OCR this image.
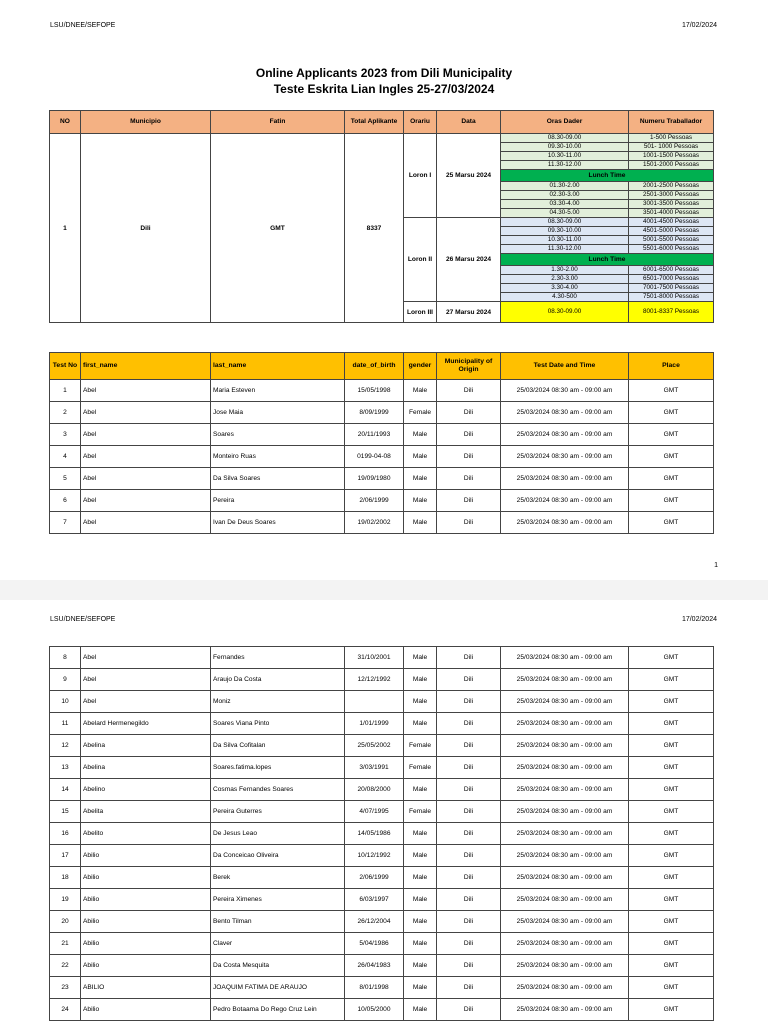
LSU/DNEE/SEFOPE	17/02/2024
Online Applicants 2023 from Dili Municipality
Teste Eskrita Lian Ingles 25-27/03/2024
NO	Municipio	Fatin	Total Aplikante	Orariu	Data	Oras Dader	Numeru Traballador
1	Dili	GMT	8337	Loron I	25 Marsu 2024	08.30-09.00	1-500 Pessoas
						09.30-10.00	501- 1000 Pessoas
						10.30-11.00	1001-1500 Pessoas
						11.30-12.00	1501-2000 Pessoas
						Lunch Time	
						01.30-2.00	2001-2500 Pessoas
						02.30-3.00	2501-3000 Pessoas
						03.30-4.00	3001-3500 Pessoas
						04.30-5.00	3501-4000 Pessoas
				Loron II	26 Marsu 2024	08.30-09.00	4001-4500 Pessoas
						09.30-10.00	4501-5000 Pessoas
						10.30-11.00	5001-5500 Pessoas
						11.30-12.00	5501-6000 Pessoas
						Lunch Time	
						1.30-2.00	6001-6500 Pessoas
						2.30-3.00	6501-7000 Pessoas
						3.30-4.00	7001-7500 Pessoas
						4.30-500	7501-8000 Pessoas
				Loron III	27 Marsu 2024	08.30-09.00	8001-8337 Pessoas
Test No	first_name	last_name	date_of_birth	gender	Municipality of Origin	Test Date and Time	Place
1	Abel	Maria Esteven	15/05/1998	Male	Dili	25/03/2024 08:30 am - 09:00 am	GMT
2	Abel	Jose Maia	8/09/1999	Female	Dili	25/03/2024 08:30 am - 09:00 am	GMT
3	Abel	Soares	20/11/1993	Male	Dili	25/03/2024 08:30 am - 09:00 am	GMT
4	Abel	Monteiro Ruas	0199-04-08	Male	Dili	25/03/2024 08:30 am - 09:00 am	GMT
5	Abel	Da Silva Soares	19/09/1980	Male	Dili	25/03/2024 08:30 am - 09:00 am	GMT
6	Abel	Pereira	2/06/1999	Male	Dili	25/03/2024 08:30 am - 09:00 am	GMT
7	Abel	Ivan De Deus Soares	19/02/2002	Male	Dili	25/03/2024 08:30 am - 09:00 am	GMT
1
LSU/DNEE/SEFOPE	17/02/2024
8	Abel	Fernandes	31/10/2001	Male	Dili	25/03/2024 08:30 am - 09:00 am	GMT
9	Abel	Araujo Da Costa	12/12/1992	Male	Dili	25/03/2024 08:30 am - 09:00 am	GMT
10	Abel	Moniz		Male	Dili	25/03/2024 08:30 am - 09:00 am	GMT
11	Abelard Hermenegildo	Soares Viana Pinto	1/01/1999	Male	Dili	25/03/2024 08:30 am - 09:00 am	GMT
12	Abelina	Da Silva Cofitalan	25/05/2002	Female	Dili	25/03/2024 08:30 am - 09:00 am	GMT
13	Abelina	Soares.fatima.lopes	3/03/1991	Female	Dili	25/03/2024 08:30 am - 09:00 am	GMT
14	Abelino	Cosmas Fernandes Soares	20/08/2000	Male	Dili	25/03/2024 08:30 am - 09:00 am	GMT
15	Abelita	Pereira Guterres	4/07/1995	Female	Dili	25/03/2024 08:30 am - 09:00 am	GMT
16	Abelito	De Jesus Leao	14/05/1986	Male	Dili	25/03/2024 08:30 am - 09:00 am	GMT
17	Abilio	Da Conceicao Oliveira	10/12/1992	Male	Dili	25/03/2024 08:30 am - 09:00 am	GMT
18	Abilio	Berek	2/06/1999	Male	Dili	25/03/2024 08:30 am - 09:00 am	GMT
19	Abilio	Pereira Ximenes	6/03/1997	Male	Dili	25/03/2024 08:30 am - 09:00 am	GMT
20	Abilio	Bento Tilman	26/12/2004	Male	Dili	25/03/2024 08:30 am - 09:00 am	GMT
21	Abilio	Claver	5/04/1986	Male	Dili	25/03/2024 08:30 am - 09:00 am	GMT
22	Abilio	Da Costa Mesquita	26/04/1983	Male	Dili	25/03/2024 08:30 am - 09:00 am	GMT
23	ABILIO	JOAQUIM FATIMA DE ARAUJO	8/01/1998	Male	Dili	25/03/2024 08:30 am - 09:00 am	GMT
24	Abilio	Pedro Botaama Do Rego Cruz Lein	10/05/2000	Male	Dili	25/03/2024 08:30 am - 09:00 am	GMT
